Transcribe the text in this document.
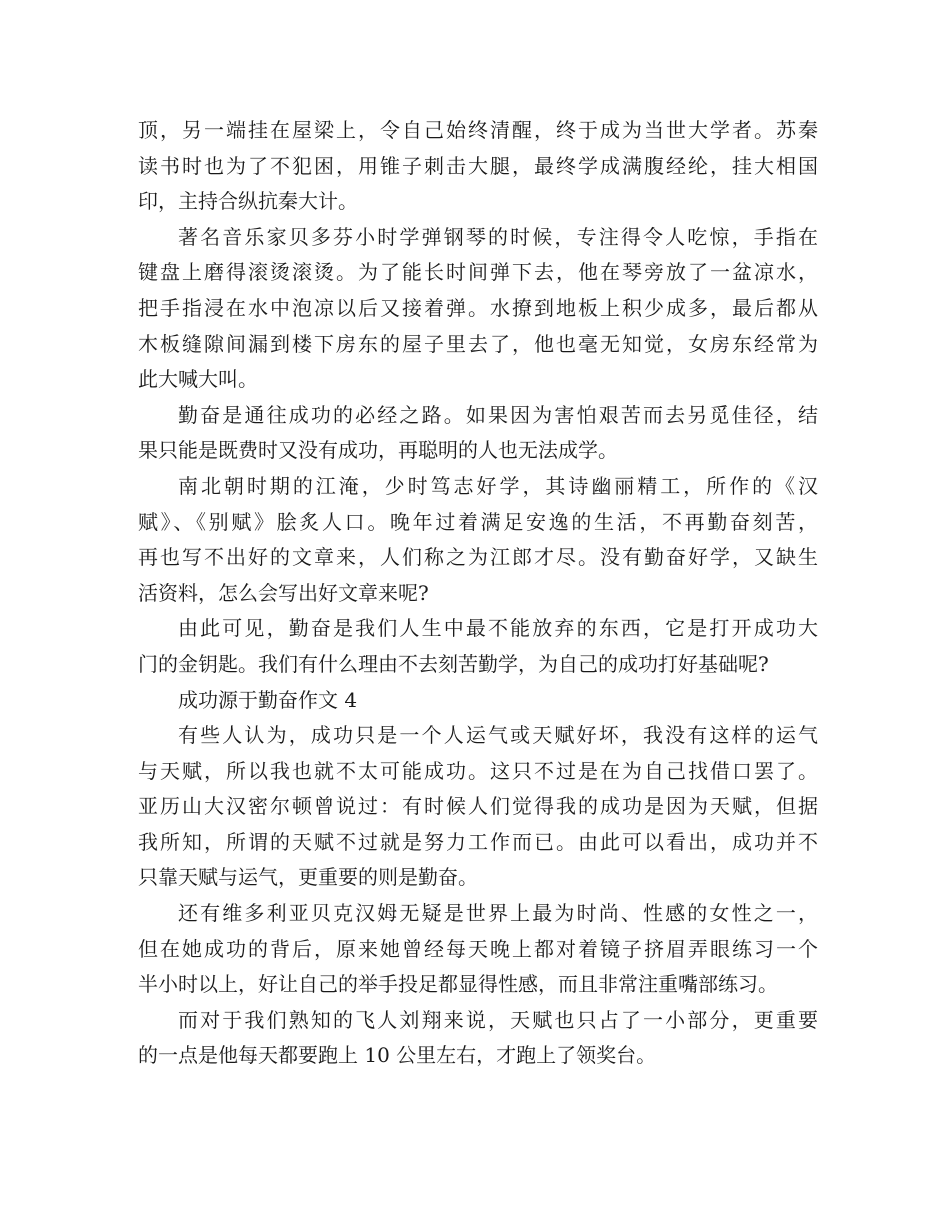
顶，另一端挂在屋梁上，令自己始终清醒，终于成为当世大学者。苏秦
读书时也为了不犯困，用锥子刺击大腿，最终学成满腹经纶，挂大相国
印，主持合纵抗秦大计。
著名音乐家贝多芬小时学弹钢琴的时候，专注得令人吃惊，手指在
键盘上磨得滚烫滚烫。为了能长时间弹下去，他在琴旁放了一盆凉水，
把手指浸在水中泡凉以后又接着弹。水撩到地板上积少成多，最后都从
木板缝隙间漏到楼下房东的屋子里去了，他也毫无知觉，女房东经常为
此大喊大叫。
勤奋是通往成功的必经之路。如果因为害怕艰苦而去另觅佳径，结
果只能是既费时又没有成功，再聪明的人也无法成学。
南北朝时期的江淹，少时笃志好学，其诗幽丽精工，所作的《汉
赋》、《别赋》脍炙人口。晚年过着满足安逸的生活，不再勤奋刻苦，
再也写不出好的文章来，人们称之为江郎才尽。没有勤奋好学，又缺生
活资料，怎么会写出好文章来呢?
由此可见，勤奋是我们人生中最不能放弃的东西，它是打开成功大
门的金钥匙。我们有什么理由不去刻苦勤学，为自己的成功打好基础呢?
成功源于勤奋作文 4
有些人认为，成功只是一个人运气或天赋好坏，我没有这样的运气
与天赋，所以我也就不太可能成功。这只不过是在为自己找借口罢了。
亚历山大汉密尔顿曾说过：有时候人们觉得我的成功是因为天赋，但据
我所知，所谓的天赋不过就是努力工作而已。由此可以看出，成功并不
只靠天赋与运气，更重要的则是勤奋。
还有维多利亚贝克汉姆无疑是世界上最为时尚、性感的女性之一，
但在她成功的背后，原来她曾经每天晚上都对着镜子挤眉弄眼练习一个
半小时以上，好让自己的举手投足都显得性感，而且非常注重嘴部练习。
而对于我们熟知的飞人刘翔来说，天赋也只占了一小部分，更重要
的一点是他每天都要跑上 10 公里左右，才跑上了领奖台。
